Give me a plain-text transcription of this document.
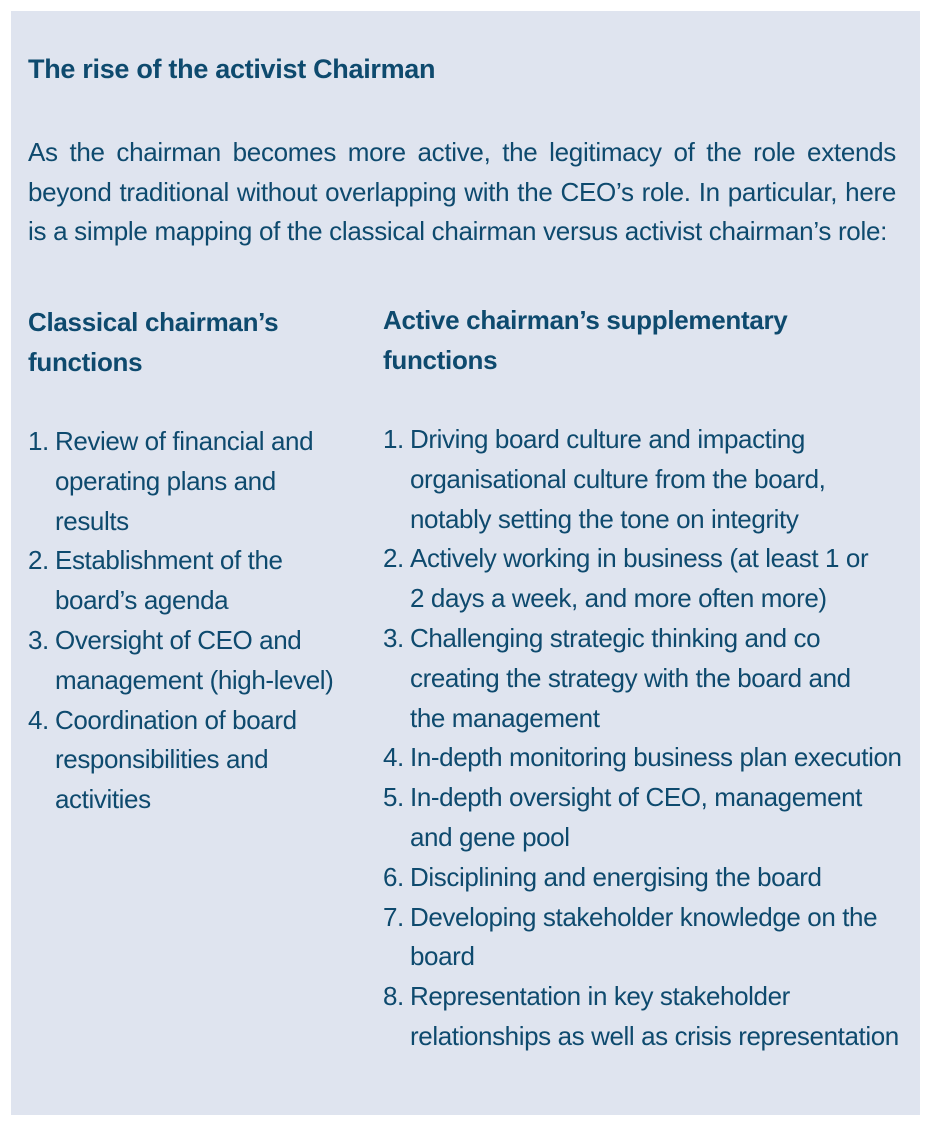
The rise of the activist Chairman

As the chairman becomes more active, the legitimacy of the role extends beyond traditional without overlapping with the CEO’s role. In particular, here is a simple mapping of the classical chairman versus activist chairman’s role:

Classical chairman’s functions
Active chairman’s supplementary functions
1. Review of financial and operating plans and results
2. Establishment of the board’s agenda
3. Oversight of CEO and management (high-level)
4. Coordination of board responsibilities and activities
1. Driving board culture and impacting organisational culture from the board, notably setting the tone on integrity
2. Actively working in business (at least 1 or 2 days a week, and more often more)
3. Challenging strategic thinking and co creating the strategy with the board and the management
4. In-depth monitoring business plan execution
5. In-depth oversight of CEO, management and gene pool
6. Disciplining and energising the board
7. Developing stakeholder knowledge on the board
8. Representation in key stakeholder relationships as well as crisis representation
